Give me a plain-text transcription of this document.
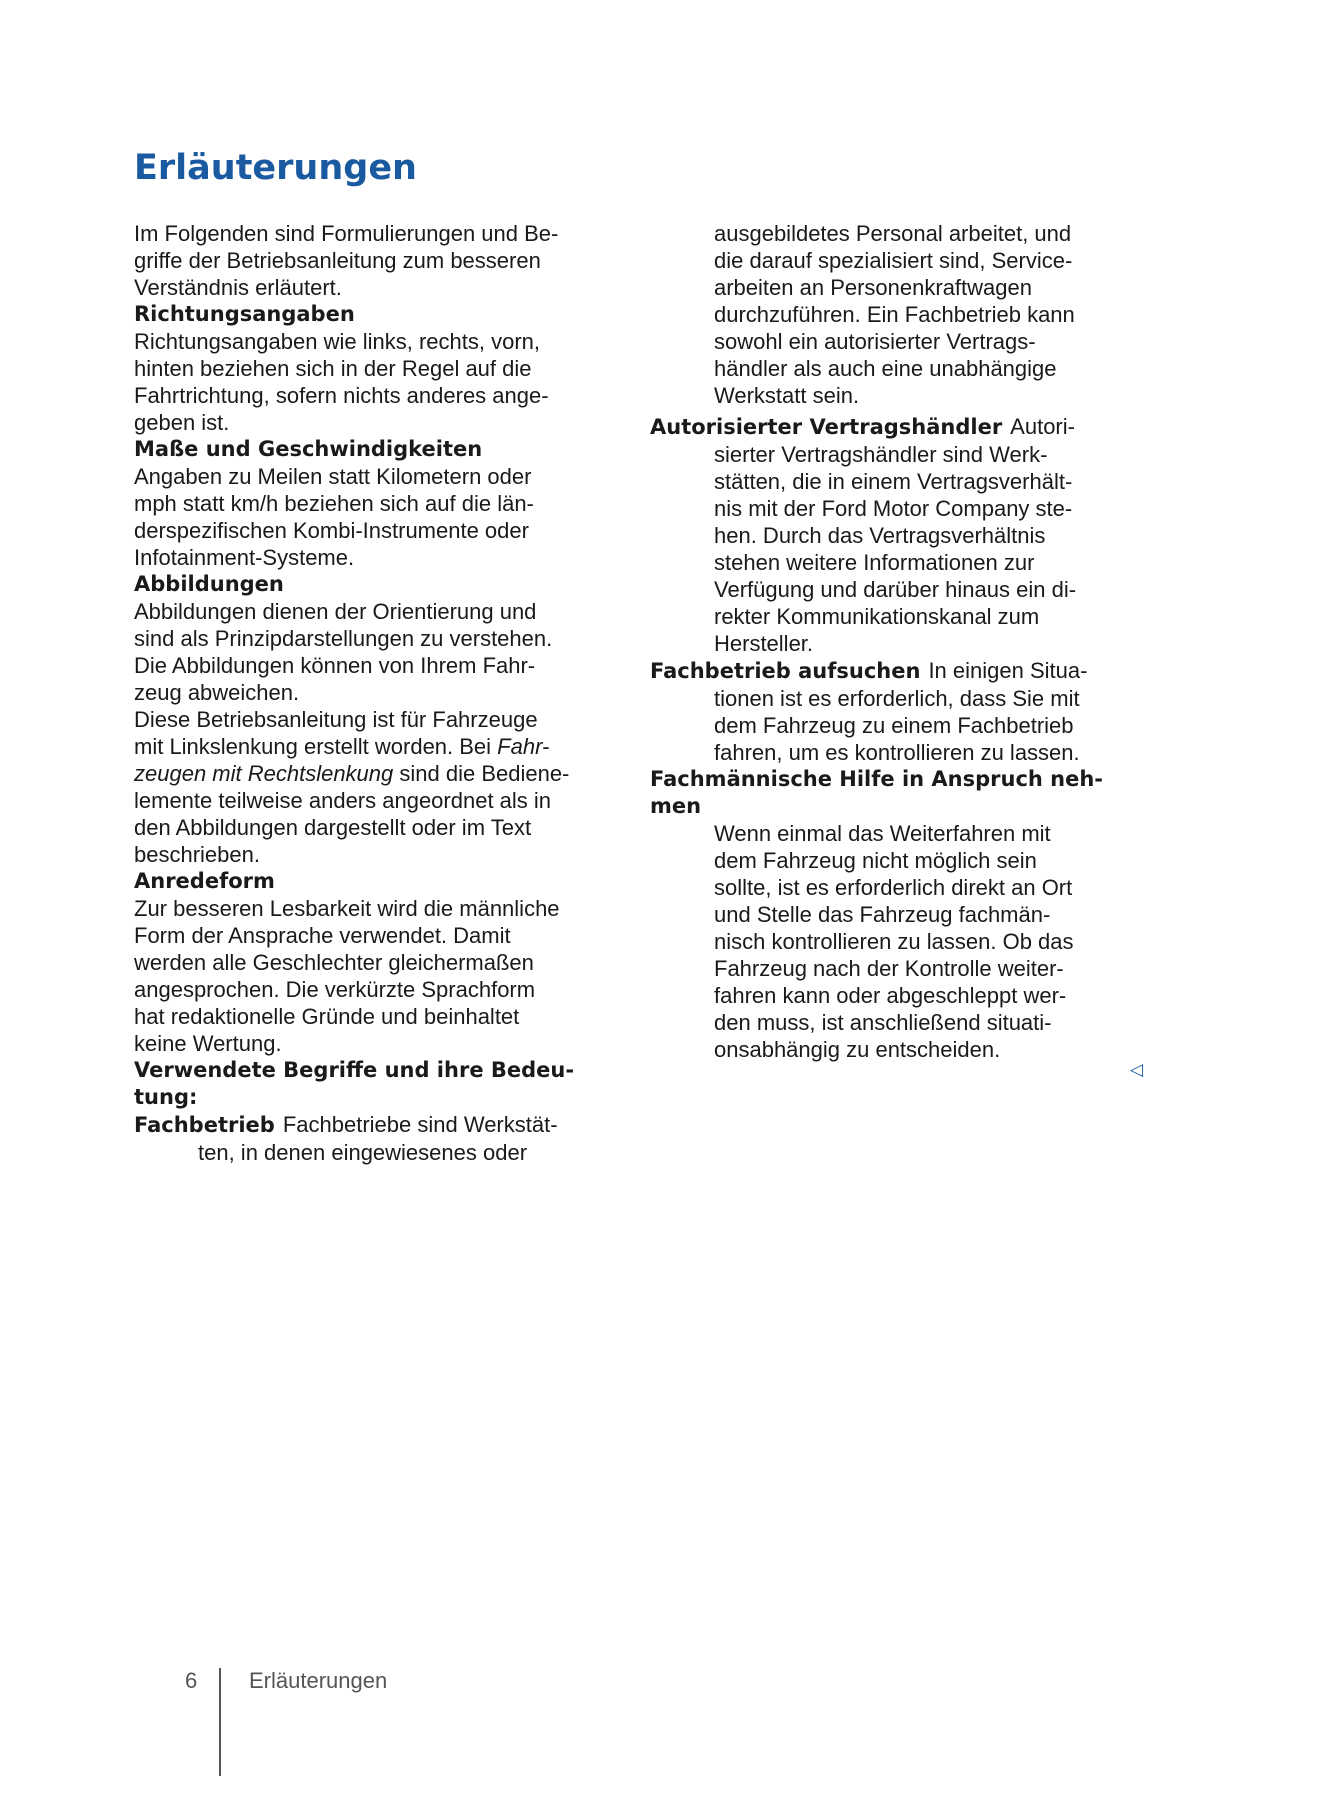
Erläuterungen

Im Folgenden sind Formulierungen und Be-
griffe der Betriebsanleitung zum besseren
Verständnis erläutert.

Richtungsangaben

Richtungsangaben wie links, rechts, vorn,
hinten beziehen sich in der Regel auf die
Fahrtrichtung, sofern nichts anderes ange-
geben ist.

Maße und Geschwindigkeiten

Angaben zu Meilen statt Kilometern oder
mph statt km/h beziehen sich auf die län-
derspezifischen Kombi-Instrumente oder
Infotainment-Systeme.

Abbildungen

Abbildungen dienen der Orientierung und
sind als Prinzipdarstellungen zu verstehen.
Die Abbildungen können von Ihrem Fahr-
zeug abweichen.

Diese Betriebsanleitung ist für Fahrzeuge
mit Linkslenkung erstellt worden. Bei Fahr-
zeugen mit Rechtslenkung sind die Bediene-
lemente teilweise anders angeordnet als in
den Abbildungen dargestellt oder im Text
beschrieben.

Anredeform

Zur besseren Lesbarkeit wird die männliche
Form der Ansprache verwendet. Damit
werden alle Geschlechter gleichermaßen
angesprochen. Die verkürzte Sprachform
hat redaktionelle Gründe und beinhaltet
keine Wertung.

Verwendete Begriffe und ihre Bedeu-
tung:

Fachbetrieb Fachbetriebe sind Werkstät-
ten, in denen eingewiesenes oder

ausgebildetes Personal arbeitet, und
die darauf spezialisiert sind, Service-
arbeiten an Personenkraftwagen
durchzuführen. Ein Fachbetrieb kann
sowohl ein autorisierter Vertrags-
händler als auch eine unabhängige
Werkstatt sein.

Autorisierter Vertragshändler Autori-
sierter Vertragshändler sind Werk-
stätten, die in einem Vertragsverhält-
nis mit der Ford Motor Company ste-
hen. Durch das Vertragsverhältnis
stehen weitere Informationen zur
Verfügung und darüber hinaus ein di-
rekter Kommunikationskanal zum
Hersteller.

Fachbetrieb aufsuchen In einigen Situa-
tionen ist es erforderlich, dass Sie mit
dem Fahrzeug zu einem Fachbetrieb
fahren, um es kontrollieren zu lassen.

Fachmännische Hilfe in Anspruch neh-
men

Wenn einmal das Weiterfahren mit
dem Fahrzeug nicht möglich sein
sollte, ist es erforderlich direkt an Ort
und Stelle das Fahrzeug fachmän-
nisch kontrollieren zu lassen. Ob das
Fahrzeug nach der Kontrolle weiter-
fahren kann oder abgeschleppt wer-
den muss, ist anschließend situati-
onsabhängig zu entscheiden.

◁
6 Erläuterungen
